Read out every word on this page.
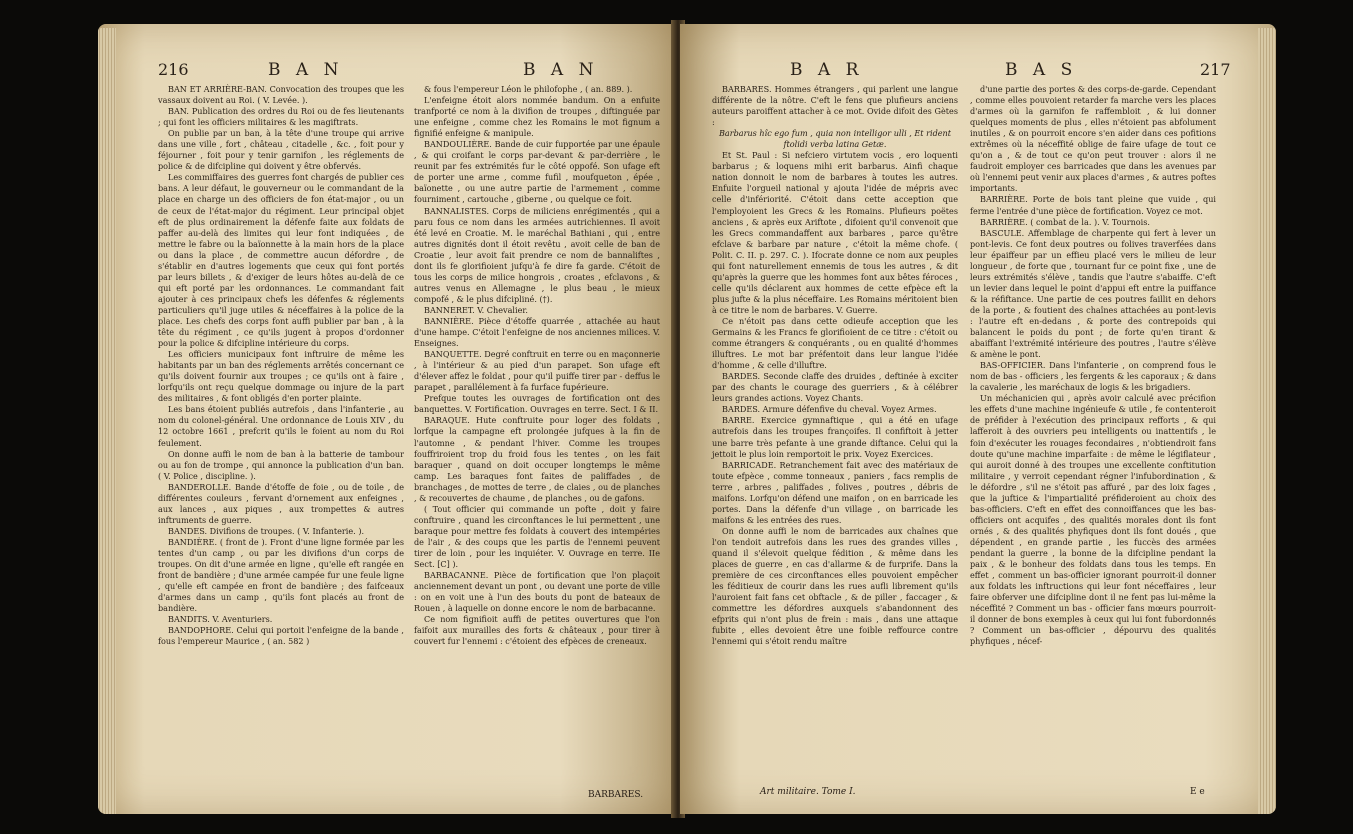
216	B A N	B A N

BAN ET ARRIÈRE-BAN. Convocation des troupes que les vassaux doivent au Roi. ( V. Levée. ).

BAN. Publication des ordres du Roi ou de fes lieutenants ; qui font les officiers militaires & les magiftrats.

On publie par un ban, à la tête d'une troupe qui arrive dans une ville , fort , château , citadelle , &c. , foit pour y féjourner , foit pour y tenir garnifon , les réglements de police & de difcipline qui doivent y être obfervés.

Les commiffaires des guerres font chargés de publier ces bans. A leur défaut, le gouverneur ou le commandant de la place en charge un des officiers de fon état-major , ou un de ceux de l'état-major du régiment. Leur principal objet eft de plus ordinairement la défenfe faite aux foldats de paffer au-delà des limites qui leur font indiquées , de mettre le fabre ou la baïonnette à la main hors de la place ou dans la place , de commettre aucun défordre , de s'établir en d'autres logements que ceux qui font portés par leurs billets , & d'exiger de leurs hôtes au-delà de ce qui eft porté par les ordonnances. Le commandant fait ajouter à ces principaux chefs les défenfes & réglements particuliers qu'il juge utiles & néceffaires à la police de la place. Les chefs des corps font auffi publier par ban , à la tête du régiment , ce qu'ils jugent à propos d'ordonner pour la police & difcipline intérieure du corps.

Les officiers municipaux font inftruire de même les habitants par un ban des réglements arrêtés concernant ce qu'ils doivent fournir aux troupes ; ce qu'ils ont à faire , lorfqu'ils ont reçu quelque dommage ou injure de la part des militaires , & font obligés d'en porter plainte.

Les bans étoient publiés autrefois , dans l'infanterie , au nom du colonel-général. Une ordonnance de Louis XIV , du 12 octobre 1661 , prefcrit qu'ils le foient au nom du Roi feulement.

On donne auffi le nom de ban à la batterie de tambour ou au fon de trompe , qui annonce la publication d'un ban. ( V. Police , discipline. ).

BANDEROLLE. Bande d'étoffe de foie , ou de toile , de différentes couleurs , fervant d'ornement aux enfeignes , aux lances , aux piques , aux trompettes & autres inftruments de guerre.

BANDES. Divifions de troupes. ( V. Infanterie. ).

BANDIÈRE. ( front de ). Front d'une ligne formée par les tentes d'un camp , ou par les divifions d'un corps de troupes. On dit d'une armée en ligne , qu'elle eft rangée en front de bandière ; d'une armée campée fur une feule ligne , qu'elle eft campée en front de bandière ; des faifceaux d'armes dans un camp , qu'ils font placés au front de bandière.

BANDITS. V. Aventuriers.

BANDOPHORE. Celui qui portoit l'enfeigne de la bande , fous l'empereur Maurice , ( an. 582 )

& fous l'empereur Léon le philofophe , ( an. 889. ).

L'enfeigne étoit alors nommée bandum. On a enfuite tranfporté ce nom à la divifion de troupes , diftinguée par une enfeigne , comme chez les Romains le mot fignum a fignifié enfeigne & manipule.

BANDOULIÈRE. Bande de cuir fupportée par une épaule , & qui croifant le corps par-devant & par-derrière , le reunit par fes extrémités fur le côté oppofé. Son ufage eft de porter une arme , comme fufil , moufqueton , épée , baïonette , ou une autre partie de l'armement , comme fourniment , cartouche , giberne , ou quelque ce foit.

BANNALISTES. Corps de miliciens enrégimentés , qui a paru fous ce nom dans les armées autrichiennes. Il avoit été levé en Croatie. M. le maréchal Bathiani , qui , entre autres dignités dont il étoit revêtu , avoit celle de ban de Croatie , leur avoit fait prendre ce nom de bannaliftes , dont ils fe glorifioient jufqu'à fe dire fa garde. C'étoit de tous les corps de milice hongrois , croates , efclavons , & autres venus en Allemagne , le plus beau , le mieux compofé , & le plus difcipliné. (†).

BANNERET. V. Chevalier.

BANNIÈRE. Pièce d'étoffe quarrée , attachée au haut d'une hampe. C'étoit l'enfeigne de nos anciennes milices. V. Enseignes.

BANQUETTE. Degré conftruit en terre ou en maçonnerie , à l'intérieur & au pied d'un parapet. Son ufage eft d'élever affez le foldat , pour qu'il puiffe tirer par - deffus le parapet , parallélement à fa furface fupérieure.

Prefque toutes les ouvrages de fortification ont des banquettes. V. Fortification. Ouvrages en terre. Sect. I & II.

BARAQUE. Hute conftruite pour loger des foldats , lorfque la campagne eft prolongée jufques à la fin de l'automne , & pendant l'hiver. Comme les troupes fouffriroient trop du froid fous les tentes , on les fait baraquer , quand on doit occuper longtemps le même camp. Les baraques font faites de paliffades , de branchages , de mottes de terre , de claies , ou de planches , & recouvertes de chaume , de planches , ou de gafons.

( Tout officier qui commande un pofte , doit y faire conftruire , quand les circonftances le lui permettent , une baraque pour mettre fes foldats à couvert des intempéries de l'air , & des coups que les partis de l'ennemi peuvent tirer de loin , pour les inquiéter. V. Ouvrage en terre. IIe Sect. [C] ).

BARBACANNE. Pièce de fortification que l'on plaçoit anciennement devant un pont , ou devant une porte de ville : on en voit une à l'un des bouts du pont de bateaux de Rouen , à laquelle on donne encore le nom de barbacanne.

Ce nom fignifioit auffi de petites ouvertures que l'on faifoit aux murailles des forts & châteaux , pour tirer à couvert fur l'ennemi : c'étoient des efpèces de creneaux.

BARBARES.
B A R	B A S	217

BARBARES. Hommes étrangers , qui parlent une langue différente de la nôtre. C'eft le fens que plufieurs anciens auteurs paroiffent attacher à ce mot. Ovide difoit des Gètes :

Barbarus hîc ego fum , quia non intelligor ulli , Et rident ftolidi verba latina Getæ.

Et St. Paul : Si nefciero virtutem vocis , ero loquenti barbarus ; & loquens mihi erit barbarus. Ainfi chaque nation donnoit le nom de barbares à toutes les autres. Enfuite l'orgueil national y ajouta l'idée de mépris avec celle d'infériorité. C'étoit dans cette acception que l'employoient les Grecs & les Romains. Plufieurs poëtes anciens , & après eux Ariftote , difoient qu'il convenoit que les Grecs commandaffent aux barbares , parce qu'être efclave & barbare par nature , c'étoit la même chofe. ( Polit. C. II. p. 297. C. ). Ifocrate donne ce nom aux peuples qui font naturellement ennemis de tous les autres , & dit qu'après la guerre que les hommes font aux bêtes féroces , celle qu'ils déclarent aux hommes de cette efpèce eft la plus jufte & la plus néceffaire. Les Romains méritoient bien à ce titre le nom de barbares. V. Guerre.

Ce n'étoit pas dans cette odieufe acception que les Germains & les Francs fe glorifioient de ce titre : c'étoit ou comme étrangers & conquérants , ou en qualité d'hommes illuftres. Le mot bar préfentoit dans leur langue l'idée d'homme , & celle d'illuftre.

BARDES. Seconde claffe des druides , deftinée à exciter par des chants le courage des guerriers , & à célébrer leurs grandes actions. Voyez Chants.

BARDES. Armure défenfive du cheval. Voyez Armes.

BARRE. Exercice gymnaftique , qui a été en ufage autrefois dans les troupes françoifes. Il confiftoit à jetter une barre très pefante à une grande diftance. Celui qui la jettoit le plus loin remportoit le prix. Voyez Exercices.

BARRICADE. Retranchement fait avec des matériaux de toute efpèce , comme tonneaux , paniers , facs remplis de terre , arbres , paliffades , folives , poutres , débris de maifons. Lorfqu'on défend une maifon , on en barricade les portes. Dans la défenfe d'un village , on barricade les maifons & les entrées des rues.

On donne auffi le nom de barricades aux chaînes que l'on tendoit autrefois dans les rues des grandes villes , quand il s'élevoit quelque fédition , & même dans les places de guerre , en cas d'allarme & de furprife. Dans la première de ces circonftances elles pouvoient empêcher les féditieux de courir dans les rues aufli librement qu'ils l'auroient fait fans cet obftacle , & de piller , faccager , & commettre les défordres auxquels s'abandonnent des efprits qui n'ont plus de frein : mais , dans une attaque fubite , elles devoient être une foible reffource contre l'ennemi qui s'étoit rendu maître

d'une partie des portes & des corps-de-garde. Cependant , comme elles pouvoient retarder fa marche vers les places d'armes où la garnifon fe raffembloit , & lui donner quelques moments de plus , elles n'étoient pas abfolument inutiles , & on pourroit encore s'en aider dans ces pofitions extrêmes où la néceffité oblige de faire ufage de tout ce qu'on a , & de tout ce qu'on peut trouver : alors il ne faudroit employer ces barricades que dans les avenues par où l'ennemi peut venir aux places d'armes , & autres poftes importants.

BARRIÈRE. Porte de bois tant pleine que vuide , qui ferme l'entrée d'une pièce de fortification. Voyez ce mot.

BARRIÈRE. ( combat de la. ). V. Tournois.

BASCULE. Affemblage de charpente qui fert à lever un pont-levis. Ce font deux poutres ou folives traverfées dans leur épaiffeur par un effieu placé vers le milieu de leur longueur , de forte que , tournant fur ce point fixe , une de leurs extrémités s'élève , tandis que l'autre s'abaiffe. C'eft un levier dans lequel le point d'appui eft entre la puiffance & la réfiftance. Une partie de ces poutres faillit en dehors de la porte , & foutient des chaînes attachées au pont-levis : l'autre eft en-dedans , & porte des contrepoids qui balancent le poids du pont ; de forte qu'en tirant & abaiffant l'extrémité intérieure des poutres , l'autre s'élève & amène le pont.

BAS-OFFICIER. Dans l'infanterie , on comprend fous le nom de bas - officiers , les fergents & les caporaux ; & dans la cavalerie , les maréchaux de logis & les brigadiers.

Un méchanicien qui , après avoir calculé avec précifion les effets d'une machine ingénieufe & utile , fe contenteroit de préfider à l'exécution des principaux refforts , & qui lafferoit à des ouvriers peu intelligents ou inattentifs , le foin d'exécuter les rouages fecondaires , n'obtiendroit fans doute qu'une machine imparfaite : de même le légiflateur , qui auroit donné à des troupes une excellente conftitution militaire , y verroit cependant régner l'infubordination , & le défordre , s'il ne s'étoit pas affuré , par des loix fages , que la juftice & l'impartialité préfideroient au choix des bas-officiers. C'eft en effet des connoiffances que les bas-officiers ont acquifes , des qualités morales dont ils font ornés , & des qualités phyfiques dont ils font doués , que dépendent , en grande partie , les fuccès des armées pendant la guerre , la bonne de la difcipline pendant la paix , & le bonheur des foldats dans tous les temps. En effet , comment un bas-officier ignorant pourroit-il donner aux foldats les inftructions qui leur font néceffaires , leur faire obferver une difcipline dont il ne fent pas lui-même la néceffité ? Comment un bas - officier fans mœurs pourroit-il donner de bons exemples à ceux qui lui font fubordonnés ? Comment un bas-officier , dépourvu des qualités phyfiques , nécef-

Art militaire. Tome I.	E e
